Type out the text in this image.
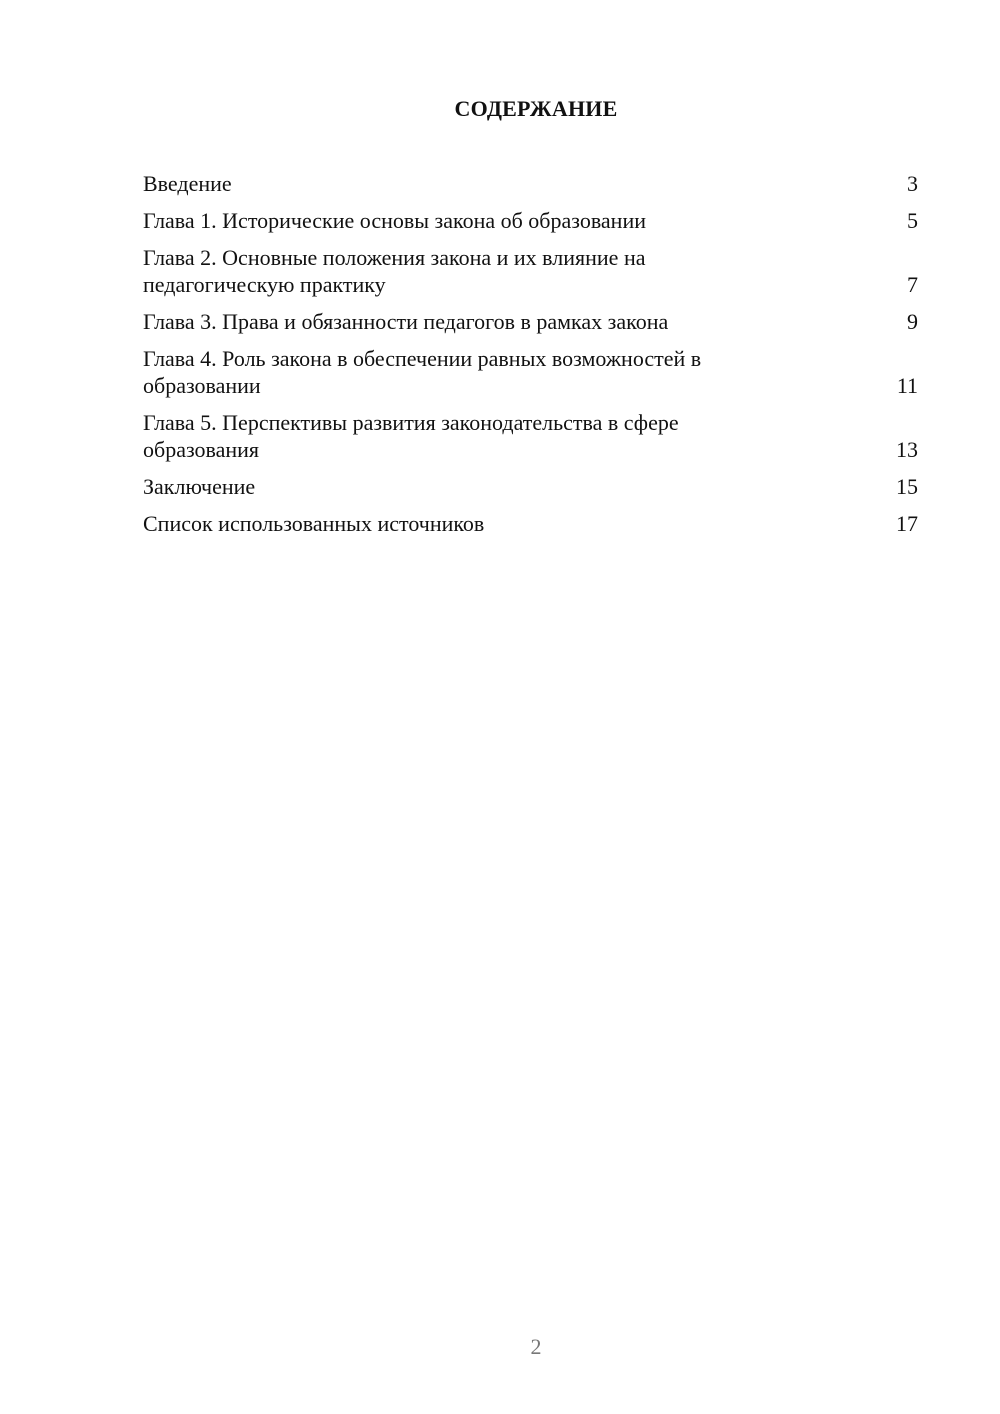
СОДЕРЖАНИЕ
Введение	3
Глава 1. Исторические основы закона об образовании	5
Глава 2. Основные положения закона и их влияние на педагогическую практику	7
Глава 3. Права и обязанности педагогов в рамках закона	9
Глава 4. Роль закона в обеспечении равных возможностей в образовании	11
Глава 5. Перспективы развития законодательства в сфере образования	13
Заключение	15
Список использованных источников	17
2
